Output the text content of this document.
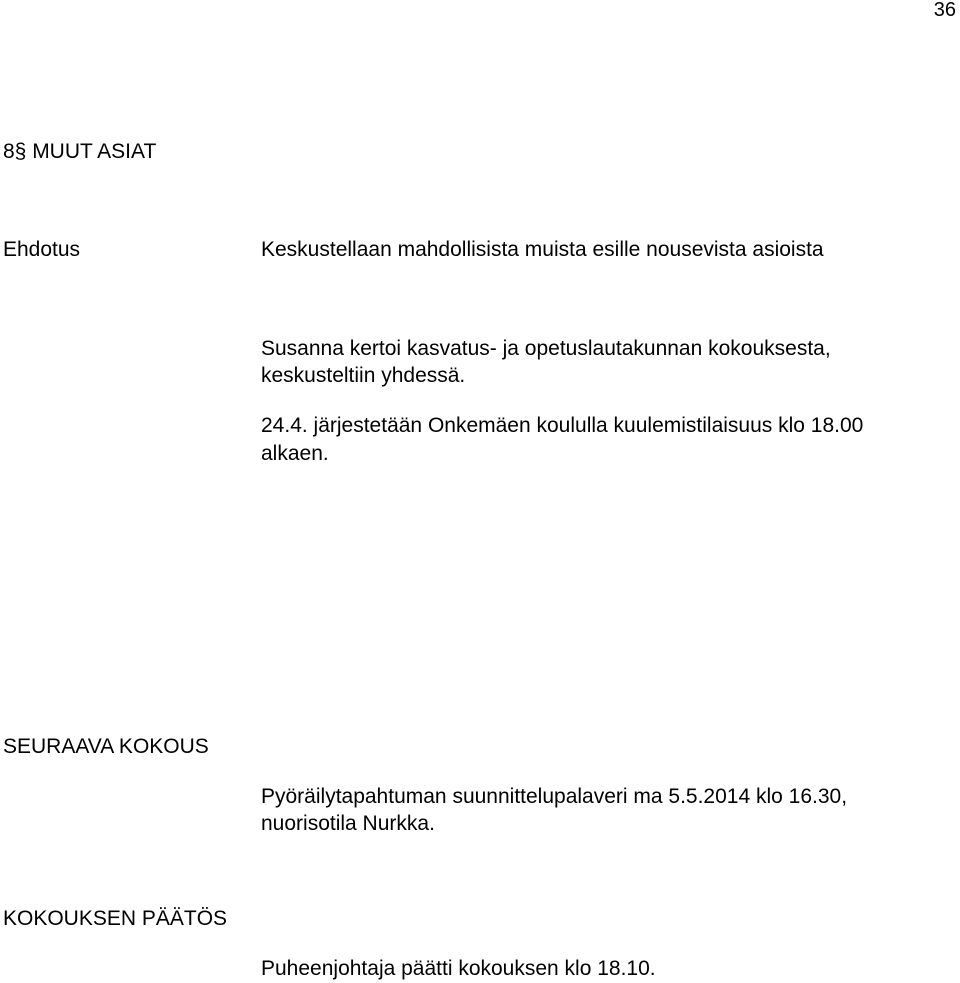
36

8§ MUUT ASIAT

Ehdotus	Keskustellaan mahdollisista muista esille nousevista asioista

Susanna kertoi kasvatus- ja opetuslautakunnan kokouksesta,

keskusteltiin yhdessä.

24.4. järjestetään Onkemäen koululla kuulemistilaisuus klo 18.00

alkaen.

SEURAAVA KOKOUS

Pyöräilytapahtuman suunnittelupalaveri ma 5.5.2014 klo 16.30,

nuorisotila Nurkka.

KOKOUKSEN PÄÄTÖS

Puheenjohtaja päätti kokouksen klo 18.10.
